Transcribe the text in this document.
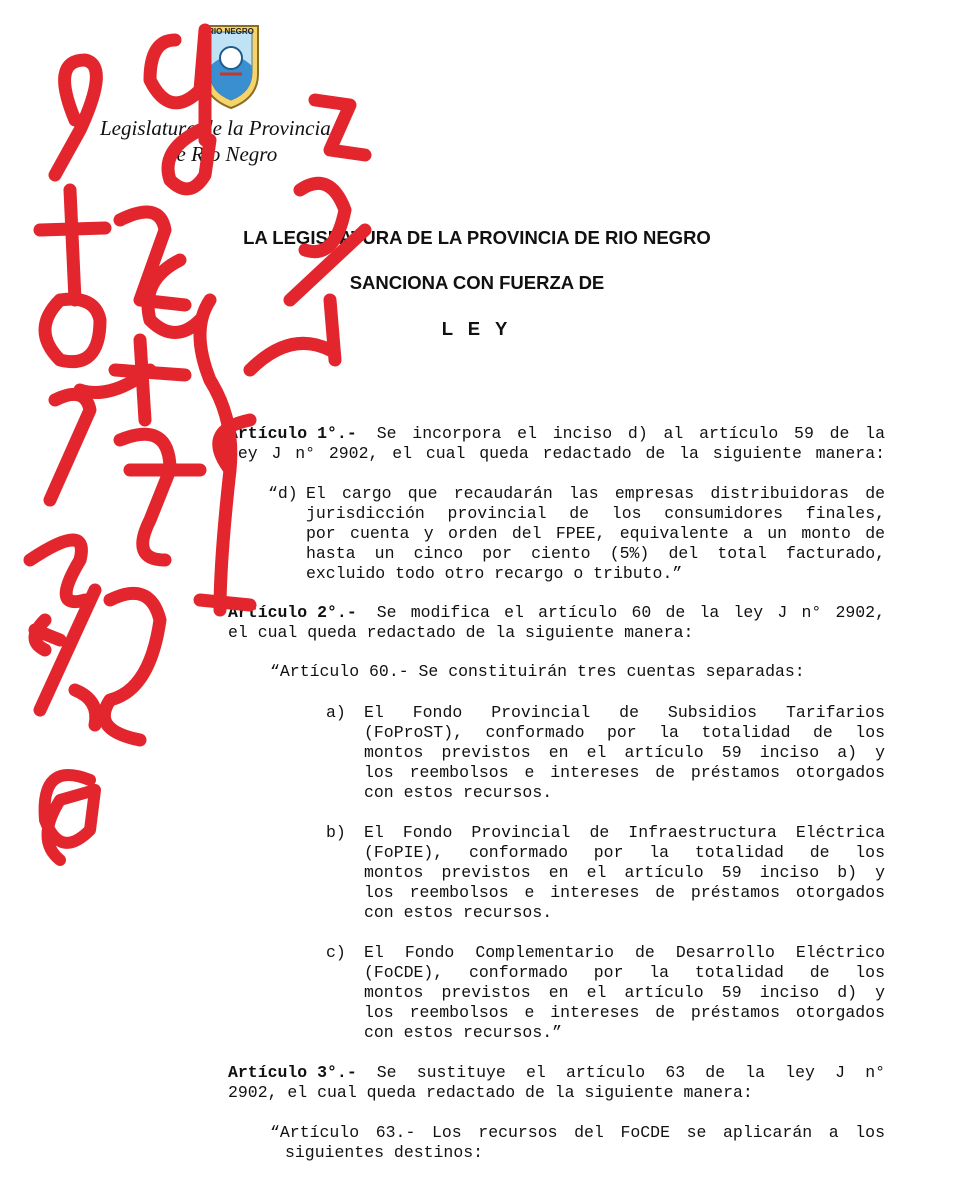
RIO NEGRO
Legislatura de la Provincia
de Rio Negro
LA LEGISLATURA DE LA PROVINCIA DE RIO NEGRO
SANCIONA CON FUERZA DE
L E Y
Artículo 1°.- Se incorpora el inciso d) al artículo 59 de la
ley J n° 2902, el cual queda redactado de la siguiente manera:
“d) El cargo que recaudarán las empresas distribuidoras de
jurisdicción provincial de los consumidores finales,
por cuenta y orden del FPEE, equivalente a un monto de
hasta un cinco por ciento (5%) del total facturado,
excluido todo otro recargo o tributo.”
Artículo 2°.- Se modifica el artículo 60 de la ley J n° 2902,
el cual queda redactado de la siguiente manera:
“Artículo 60.- Se constituirán tres cuentas separadas:
a) El Fondo Provincial de Subsidios Tarifarios
(FoProST), conformado por la totalidad de los
montos previstos en el artículo 59 inciso a) y
los reembolsos e intereses de préstamos otorgados
con estos recursos.
b) El Fondo Provincial de Infraestructura Eléctrica
(FoPIE), conformado por la totalidad de los
montos previstos en el artículo 59 inciso b) y
los reembolsos e intereses de préstamos otorgados
con estos recursos.
c) El Fondo Complementario de Desarrollo Eléctrico
(FoCDE), conformado por la totalidad de los
montos previstos en el artículo 59 inciso d) y
los reembolsos e intereses de préstamos otorgados
con estos recursos.”
Artículo 3°.- Se sustituye el artículo 63 de la ley J n°
2902, el cual queda redactado de la siguiente manera:
“Artículo 63.- Los recursos del FoCDE se aplicarán a los
siguientes destinos:
